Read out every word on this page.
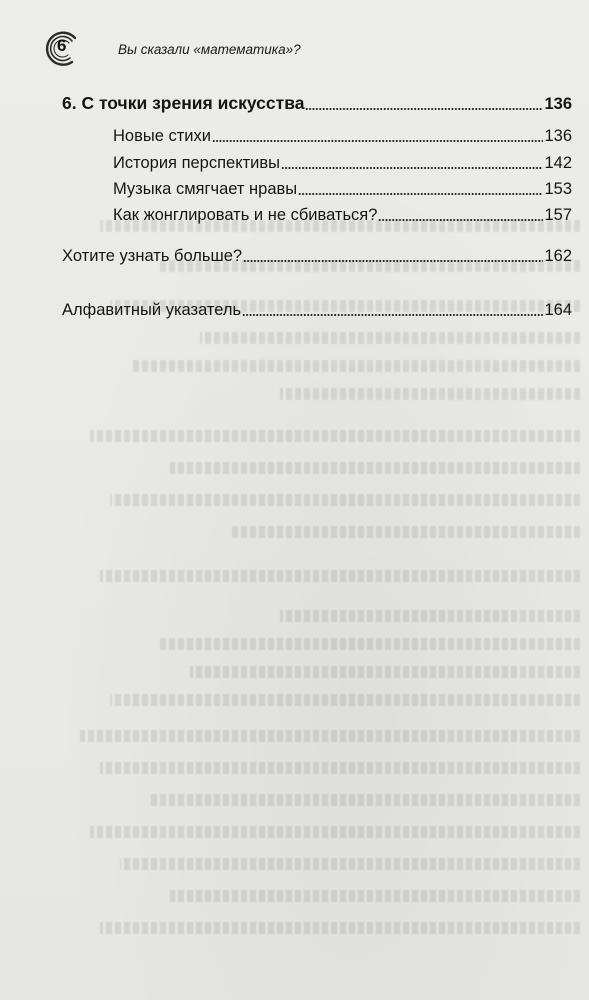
6	Вы сказали «математика»?
6. С точки зрения искусства	136
Новые стихи	136
История перспективы	142
Музыка смягчает нравы	153
Как жонглировать и не сбиваться?	157
Хотите узнать больше?	162
Алфавитный указатель	164
